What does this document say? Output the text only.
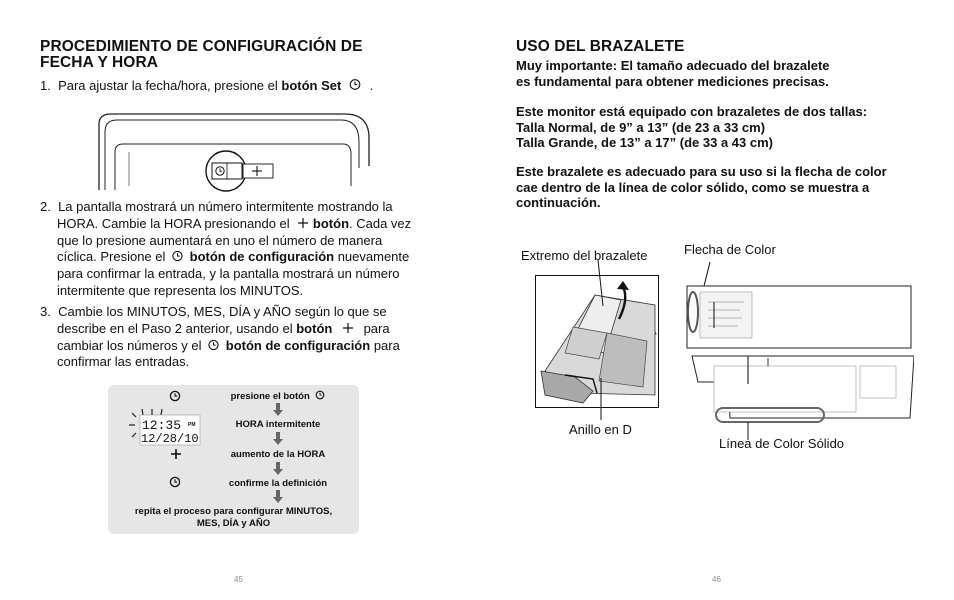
PROCEDIMIENTO DE CONFIGURACIÓN DE
FECHA Y HORA
1. Para ajustar la fecha/hora, presione el botón Set .
2. La pantalla mostrará un número intermitente mostrando la
HORA. Cambie la HORA presionando el botón. Cada vez
que lo presione aumentará en uno el número de manera
cíclica. Presione el botón de configuración nuevamente
para confirmar la entrada, y la pantalla mostrará un número
intermitente que representa los MINUTOS.
3. Cambie los MINUTOS, MES, DÍA y AÑO según lo que se
describe en el Paso 2 anterior, usando el botón para
cambiar los números y el botón de configuración para
confirmar las entradas.
12:35 PM
12/28/10
presione el botón
HORA intermitente
aumento de la HORA
confirme la definición
repita el proceso para configurar MINUTOS,
MES, DÍA y AÑO
45
USO DEL BRAZALETE
Muy importante: El tamaño adecuado del brazalete
es fundamental para obtener mediciones precisas.
Este monitor está equipado con brazaletes de dos tallas:
Talla Normal, de 9” a 13” (de 23 a 33 cm)
Talla Grande, de 13” a 17” (de 33 a 43 cm)
Este brazalete es adecuado para su uso si la flecha de color
cae dentro de la línea de color sólido, como se muestra a
continuación.
Extremo del brazalete	Flecha de Color
Anillo en D
Línea de Color Sólido
46
